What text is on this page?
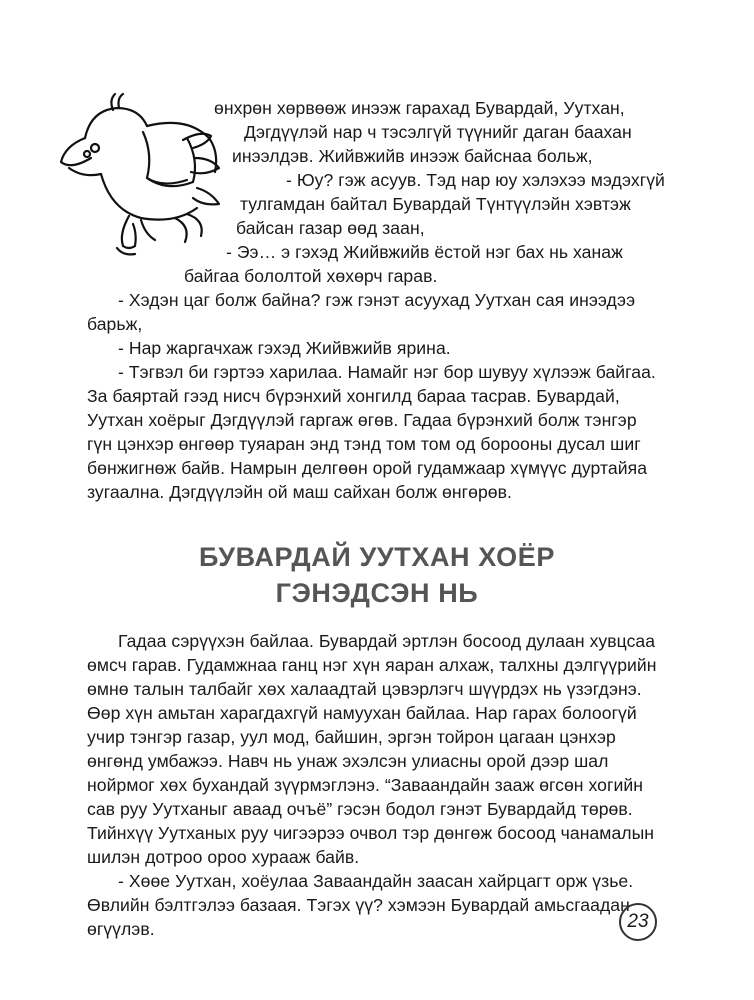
өнхрөн хөрвөөж инээж гарахад Бувардай, Уутхан,
Дэгдүүлэй нар ч тэсэлгүй түүнийг даган баахан
инээлдэв. Жийвжийв инээж байснаа больж,
- Юу? гэж асуув. Тэд нар юу хэлэхээ мэдэхгүй
тулгамдан байтал Бувардай Түнтүүлэйн хэвтэж
байсан газар өөд заан,
- Ээ… э гэхэд Жийвжийв ёстой нэг бах нь ханаж
байгаа бололтой хөхөрч гарав.
- Хэдэн цаг болж байна? гэж гэнэт асуухад Уутхан сая инээдээ
барьж,
- Нар жаргачхаж гэхэд Жийвжийв ярина.
- Тэгвэл би гэртээ харилаа. Намайг нэг бор шувуу хүлээж байгаа.
За баяртай гээд нисч бүрэнхий хонгилд бараа тасрав. Бувардай,
Уутхан хоёрыг Дэгдүүлэй гаргаж өгөв. Гадаа бүрэнхий болж тэнгэр
гүн цэнхэр өнгөөр туяаран энд тэнд том том од борооны дусал шиг
бөнжигнөж байв. Намрын делгөөн орой гудамжаар хүмүүс дуртайяа
зугаална. Дэгдүүлэйн ой маш сайхан болж өнгөрөв.
БУВАРДАЙ УУТХАН ХОЁР
ГЭНЭДСЭН НЬ
Гадаа сэрүүхэн байлаа. Бувардай эртлэн босоод дулаан хувцсаа
өмсч гарав. Гудамжнаа ганц нэг хүн яаран алхаж, талхны дэлгүүрийн
өмнө талын талбайг хөх халаадтай цэвэрлэгч шүүрдэх нь үзэгдэнэ.
Өөр хүн амьтан харагдахгүй намуухан байлаа. Нар гарах болоогүй
учир тэнгэр газар, уул мод, байшин, эргэн тойрон цагаан цэнхэр
өнгөнд умбажээ. Навч нь унаж эхэлсэн улиасны орой дээр шал
нойрмог хөх бухандай зүүрмэглэнэ. “Заваандайн зааж өгсөн хогийн
сав руу Уутханыг аваад очъё” гэсэн бодол гэнэт Бувардайд төрөв.
Тийнхүү Уутханых руу чигээрээ очвол тэр дөнгөж босоод чанамалын
шилэн дотроо ороо хурааж байв.
- Хөөе Уутхан, хоёулаа Заваандайн заасан хайрцагт орж үзье.
Өвлийн бэлтгэлээ базаая. Тэгэх үү? хэмээн Бувардай амьсгаадан
өгүүлэв.	23
